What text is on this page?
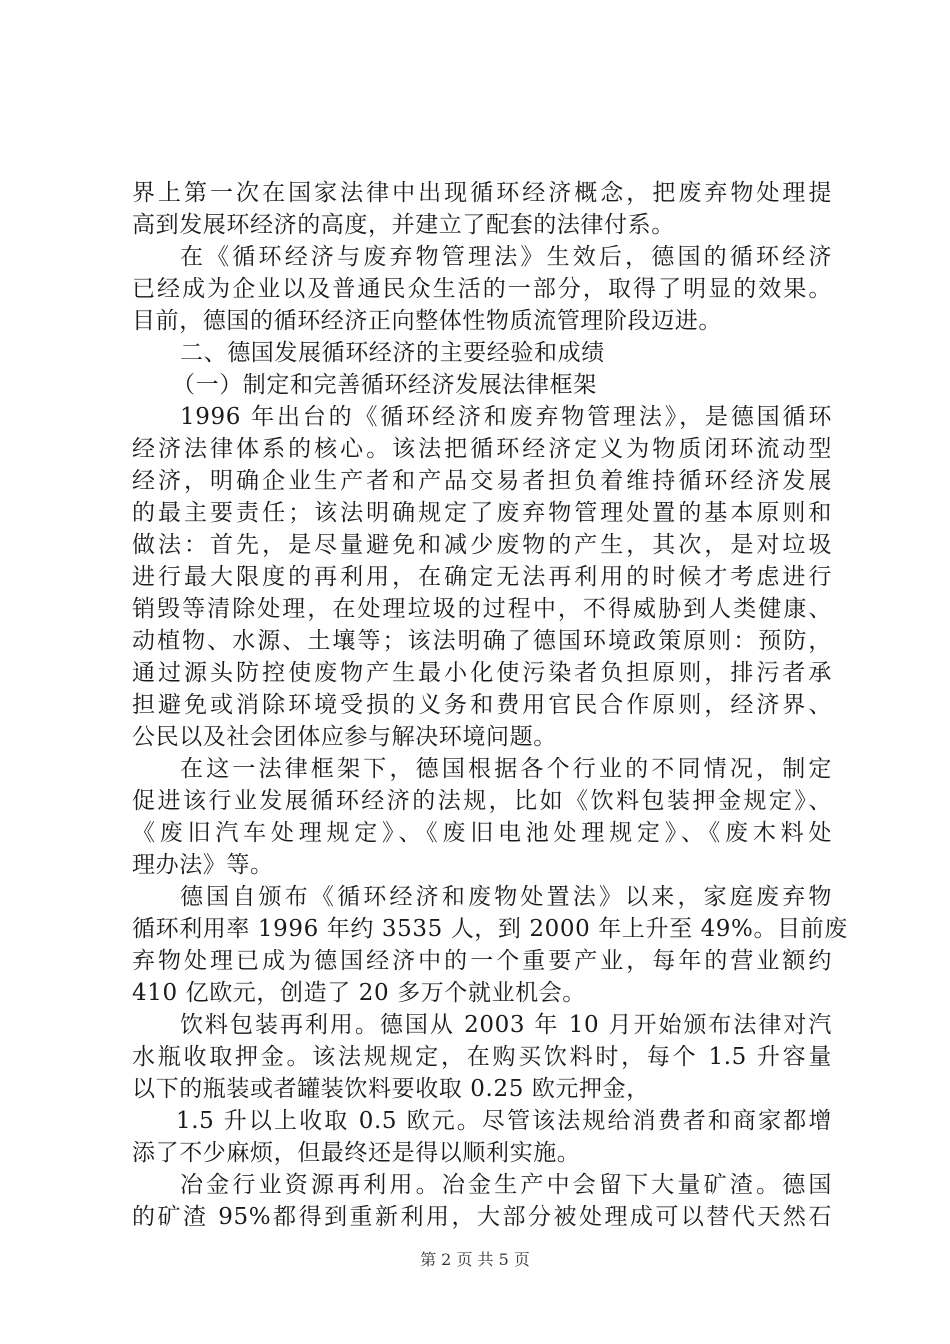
界上第一次在国家法律中出现循环经济概念，把废弃物处理提
高到发展环经济的高度，并建立了配套的法律付系。
在《循环经济与废弃物管理法》生效后，德国的循环经济
已经成为企业以及普通民众生活的一部分，取得了明显的效果。
目前，德国的循环经济正向整体性物质流管理阶段迈进。
二、德国发展循环经济的主要经验和成绩
（一）制定和完善循环经济发展法律框架
1996 年出台的《循环经济和废弃物管理法》，是德国循环
经济法律体系的核心。该法把循环经济定义为物质闭环流动型
经济，明确企业生产者和产品交易者担负着维持循环经济发展
的最主要责任；该法明确规定了废弃物管理处置的基本原则和
做法：首先，是尽量避免和减少废物的产生，其次，是对垃圾
进行最大限度的再利用，在确定无法再利用的时候才考虑进行
销毁等清除处理，在处理垃圾的过程中，不得威胁到人类健康、
动植物、水源、土壤等；该法明确了德国环境政策原则：预防，
通过源头防控使废物产生最小化使污染者负担原则，排污者承
担避免或消除环境受损的义务和费用官民合作原则，经济界、
公民以及社会团体应参与解决环境问题。
在这一法律框架下，德国根据各个行业的不同情况，制定
促进该行业发展循环经济的法规，比如《饮料包装押金规定》、
《废旧汽车处理规定》、《废旧电池处理规定》、《废木料处
理办法》等。
德国自颁布《循环经济和废物处置法》以来，家庭废弃物
循环利用率 1996 年约 3535 人，到 2000 年上升至 49%。目前废
弃物处理已成为德国经济中的一个重要产业，每年的营业额约
410 亿欧元，创造了 20 多万个就业机会。
饮料包装再利用。德国从 2003 年 10 月开始颁布法律对汽
水瓶收取押金。该法规规定，在购买饮料时，每个 1.5 升容量
以下的瓶装或者罐装饮料要收取 0.25 欧元押金，
1.5 升以上收取 0.5 欧元。尽管该法规给消费者和商家都增
添了不少麻烦，但最终还是得以顺利实施。
冶金行业资源再利用。冶金生产中会留下大量矿渣。德国
的矿渣 95%都得到重新利用，大部分被处理成可以替代天然石
第 2 页 共 5 页
